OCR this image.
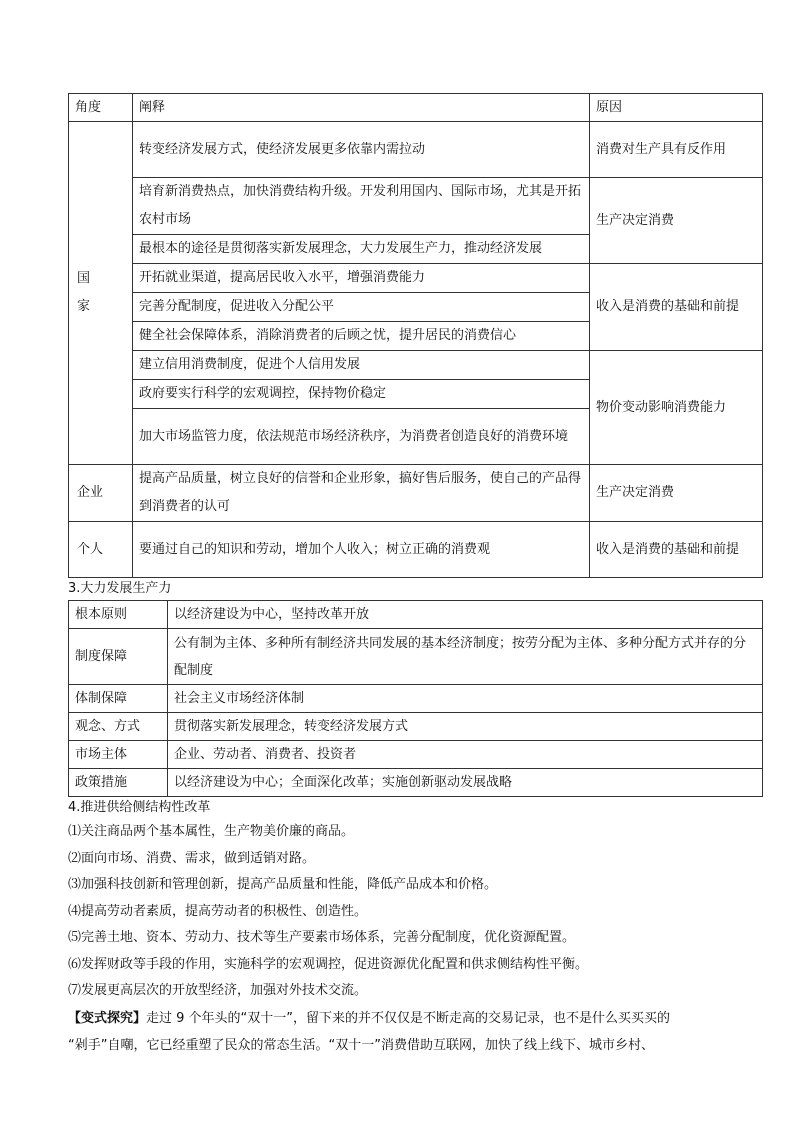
角度	阐释	原因

国
家	转变经济发展方式，使经济发展更多依靠内需拉动	消费对生产具有反作用
	培育新消费热点，加快消费结构升级。开发利用国内、国际市场，尤其是开拓农村市场	生产决定消费
	最根本的途径是贯彻落实新发展理念，大力发展生产力，推动经济发展	
	开拓就业渠道，提高居民收入水平，增强消费能力	收入是消费的基础和前提
	完善分配制度，促进收入分配公平	
	健全社会保障体系，消除消费者的后顾之忧，提升居民的消费信心	
	建立信用消费制度，促进个人信用发展	物价变动影响消费能力
	政府要实行科学的宏观调控，保持物价稳定	
	加大市场监管力度，依法规范市场经济秩序，为消费者创造良好的消费环境	
企业	提高产品质量，树立良好的信誉和企业形象，搞好售后服务，使自己的产品得到消费者的认可	生产决定消费
个人	要通过自己的知识和劳动，增加个人收入；树立正确的消费观	收入是消费的基础和前提
3.大力发展生产力
根本原则	以经济建设为中心，坚持改革开放
制度保障	公有制为主体、多种所有制经济共同发展的基本经济制度；按劳分配为主体、多种分配方式并存的分配制度
体制保障	社会主义市场经济体制
观念、方式	贯彻落实新发展理念，转变经济发展方式
市场主体	企业、劳动者、消费者、投资者
政策措施	以经济建设为中心；全面深化改革；实施创新驱动发展战略
4.推进供给侧结构性改革

⑴关注商品两个基本属性，生产物美价廉的商品。

⑵面向市场、消费、需求，做到适销对路。

⑶加强科技创新和管理创新，提高产品质量和性能，降低产品成本和价格。

⑷提高劳动者素质，提高劳动者的积极性、创造性。

⑸完善土地、资本、劳动力、技术等生产要素市场体系，完善分配制度，优化资源配置。

⑹发挥财政等手段的作用，实施科学的宏观调控，促进资源优化配置和供求侧结构性平衡。

⑺发展更高层次的开放型经济，加强对外技术交流。

【变式探究】走过 9 个年头的“双十一”，留下来的并不仅仅是不断走高的交易记录，也不是什么买买买的

“剁手”自嘲，它已经重塑了民众的常态生活。“双十一”消费借助互联网，加快了线上线下、城市乡村、
